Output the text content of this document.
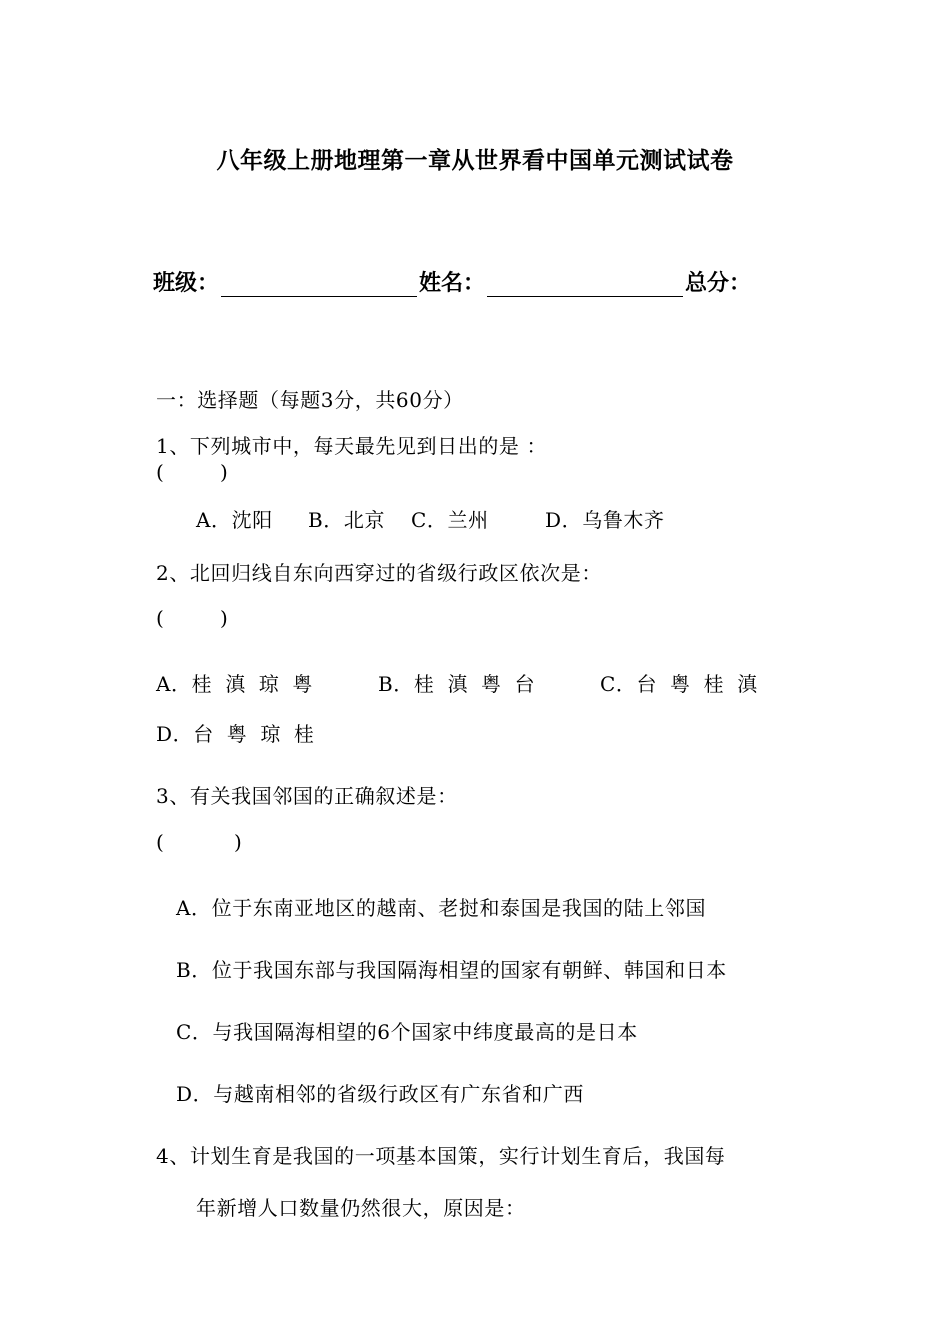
八年级上册地理第一章从世界看中国单元测试试卷
班级：	姓名：	总分：
一：选择题（每题3分，共60分）
1、下列城市中，每天最先见到日出的是 ：
(        )
A．沈阳 B．北京 C．兰州	D．乌鲁木齐
2、北回归线自东向西穿过的省级行政区依次是：
(        )
A．桂 滇 琼 粤	B．桂 滇 粤 台	C．台 粤 桂 滇
D．台 粤 琼 桂
3、有关我国邻国的正确叙述是：
(          )
A．位于东南亚地区的越南、老挝和泰国是我国的陆上邻国
B．位于我国东部与我国隔海相望的国家有朝鲜、韩国和日本
C．与我国隔海相望的6个国家中纬度最高的是日本
D．与越南相邻的省级行政区有广东省和广西
4、计划生育是我国的一项基本国策，实行计划生育后，我国每
年新增人口数量仍然很大，原因是：
